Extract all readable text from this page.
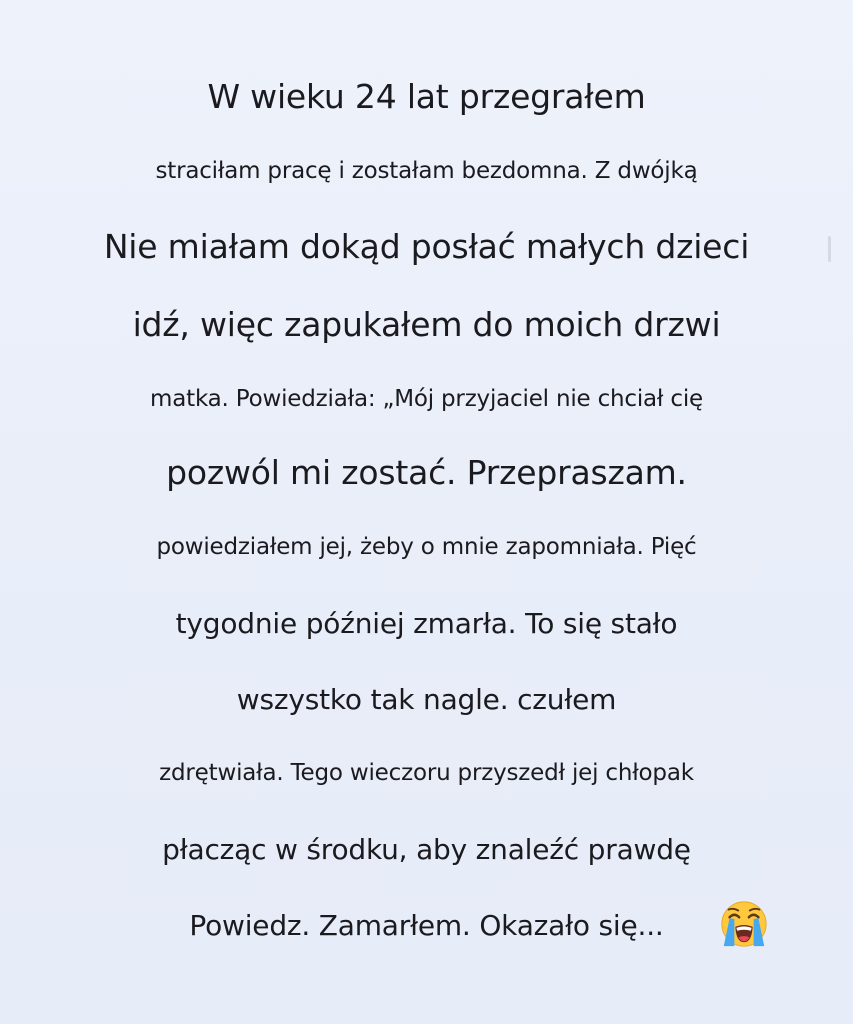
W wieku 24 lat przegrałem
straciłam pracę i zostałam bezdomna. Z dwójką
Nie miałam dokąd posłać małych dzieci
idź, więc zapukałem do moich drzwi
matka. Powiedziała: „Mój przyjaciel nie chciał cię
pozwól mi zostać. Przepraszam.
powiedziałem jej, żeby o mnie zapomniała. Pięć
tygodnie później zmarła. To się stało
wszystko tak nagle. czułem
zdrętwiała. Tego wieczoru przyszedł jej chłopak
płacząc w środku, aby znaleźć prawdę
Powiedz. Zamarłem. Okazało się...
